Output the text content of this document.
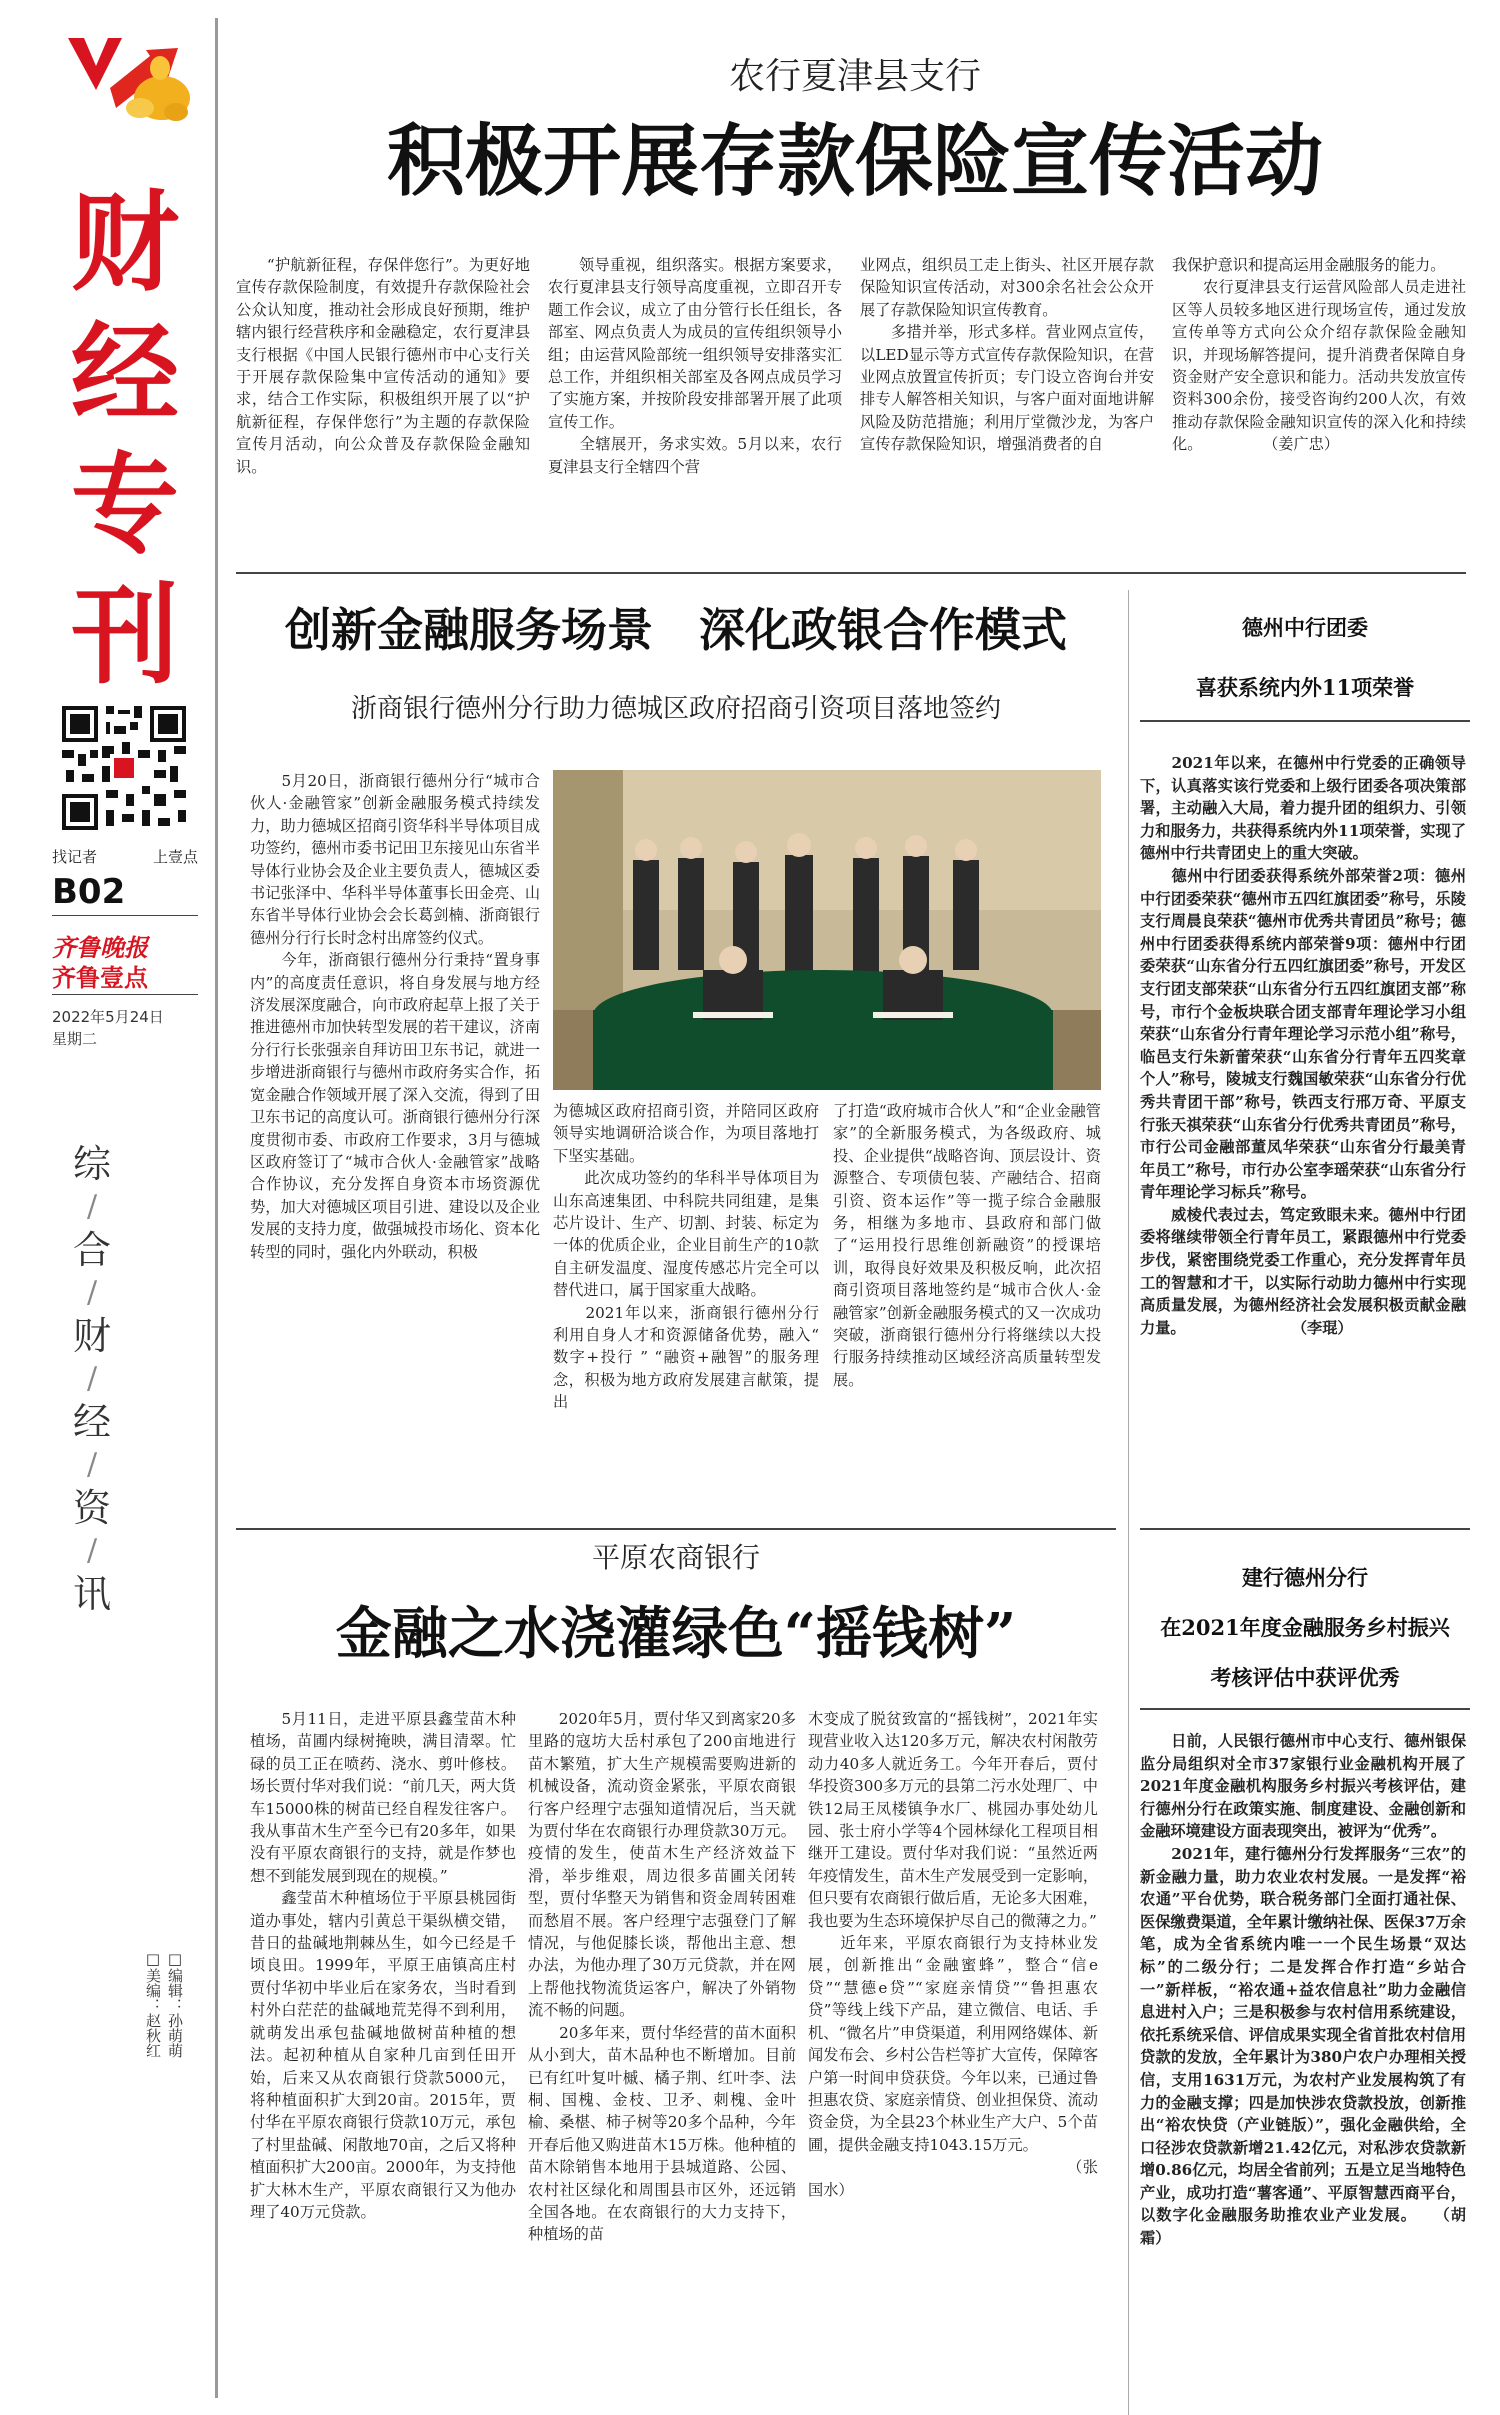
财经专刊
找记者	上壹点
B02
齐鲁晚报
齐鲁壹点
2022年5月24日
星期二
综
/
合
/
财
/
经
/
资
/
讯
□美编：赵秋红 □编辑：孙萌萌
农行夏津县支行
积极开展存款保险宣传活动
　　“护航新征程，存保伴您行”。为更好地宣传存款保险制度，有效提升存款保险社会公众认知度，推动社会形成良好预期，维护辖内银行经营秩序和金融稳定，农行夏津县支行根据《中国人民银行德州市中心支行关于开展存款保险集中宣传活动的通知》要求，结合工作实际，积极组织开展了以“护航新征程，存保伴您行”为主题的存款保险宣传月活动，向公众普及存款保险金融知识。
　　领导重视，组织落实。根据方案要求，农行夏津县支行领导高度重视，立即召开专题工作会议，成立了由分管行长任组长，各部室、网点负责人为成员的宣传组织领导小组；由运营风险部统一组织领导安排落实汇总工作，并组织相关部室及各网点成员学习了实施方案，并按阶段安排部署开展了此项宣传工作。
　　全辖展开，务求实效。5月以来，农行夏津县支行全辖四个营
业网点，组织员工走上街头、社区开展存款保险知识宣传活动，对300余名社会公众开展了存款保险知识宣传教育。
　　多措并举，形式多样。营业网点宣传，以LED显示等方式宣传存款保险知识，在营业网点放置宣传折页；专门设立咨询台并安排专人解答相关知识，与客户面对面地讲解风险及防范措施；利用厅堂微沙龙，为客户宣传存款保险知识，增强消费者的自
我保护意识和提高运用金融服务的能力。
　　农行夏津县支行运营风险部人员走进社区等人员较多地区进行现场宣传，通过发放宣传单等方式向公众介绍存款保险金融知识，并现场解答提问，提升消费者保障自身资金财产安全意识和能力。活动共发放宣传资料300余份，接受咨询约200人次，有效推动存款保险金融知识宣传的深入化和持续化。　　　　　（姜广忠）
创新金融服务场景　深化政银合作模式
浙商银行德州分行助力德城区政府招商引资项目落地签约
　　5月20日，浙商银行德州分行“城市合伙人·金融管家”创新金融服务模式持续发力，助力德城区招商引资华科半导体项目成功签约，德州市委书记田卫东接见山东省半导体行业协会及企业主要负责人，德城区委书记张泽中、华科半导体董事长田金亮、山东省半导体行业协会会长葛剑楠、浙商银行德州分行行长时念村出席签约仪式。
　　今年，浙商银行德州分行秉持“置身事内”的高度责任意识，将自身发展与地方经济发展深度融合，向市政府起草上报了关于推进德州市加快转型发展的若干建议，济南分行行长张强亲自拜访田卫东书记，就进一步增进浙商银行与德州市政府务实合作，拓宽金融合作领域开展了深入交流，得到了田卫东书记的高度认可。浙商银行德州分行深度贯彻市委、市政府工作要求，3月与德城区政府签订了“城市合伙人·金融管家”战略合作协议，充分发挥自身资本市场资源优势，加大对德城区项目引进、建设以及企业发展的支持力度，做强城投市场化、资本化转型的同时，强化内外联动，积极
为德城区政府招商引资，并陪同区政府领导实地调研洽谈合作，为项目落地打下坚实基础。
　　此次成功签约的华科半导体项目为山东高速集团、中科院共同组建，是集芯片设计、生产、切割、封装、标定为一体的优质企业，企业目前生产的10款自主研发温度、湿度传感芯片完全可以替代进口，属于国家重大战略。
　　2021年以来，浙商银行德州分行利用自身人才和资源储备优势，融入“ 数字+投行 ” “融资+融智”的服务理念，积极为地方政府发展建言献策，提出
了打造“政府城市合伙人”和“企业金融管家”的全新服务模式，为各级政府、城投、企业提供“战略咨询、顶层设计、资源整合、专项债包装、产融结合、招商引资、资本运作”等一揽子综合金融服务，相继为多地市、县政府和部门做了“运用投行思维创新融资”的授课培训，取得良好效果及积极反响，此次招商引资项目落地签约是“城市合伙人·金融管家”创新金融服务模式的又一次成功突破，浙商银行德州分行将继续以大投行服务持续推动区域经济高质量转型发展。
德州中行团委
喜获系统内外11项荣誉
　　2021年以来，在德州中行党委的正确领导下，认真落实该行党委和上级行团委各项决策部署，主动融入大局，着力提升团的组织力、引领力和服务力，共获得系统内外11项荣誉，实现了德州中行共青团史上的重大突破。
　　德州中行团委获得系统外部荣誉2项：德州中行团委荣获“德州市五四红旗团委”称号，乐陵支行周晨良荣获“德州市优秀共青团员”称号；德州中行团委获得系统内部荣誉9项：德州中行团委荣获“山东省分行五四红旗团委”称号，开发区支行团支部荣获“山东省分行五四红旗团支部”称号，市行个金板块联合团支部青年理论学习小组荣获“山东省分行青年理论学习示范小组”称号，临邑支行朱新蕾荣获“山东省分行青年五四奖章个人”称号，陵城支行魏国敏荣获“山东省分行优秀共青团干部”称号，铁西支行邢万奇、平原支行张天祺荣获“山东省分行优秀共青团员”称号，市行公司金融部董凤华荣获“山东省分行最美青年员工”称号，市行办公室李瑶荣获“山东省分行青年理论学习标兵”称号。
　　威棱代表过去，笃定致眼未来。德州中行团委将继续带领全行青年员工，紧跟德州中行党委步伐，紧密围绕党委工作重心，充分发挥青年员工的智慧和才干，以实际行动助力德州中行实现高质量发展，为德州经济社会发展积极贡献金融力量。　　　　　　　　（李琨）
平原农商银行
金融之水浇灌绿色“摇钱树”
　　5月11日，走进平原县鑫莹苗木种植场，苗圃内绿树掩映，满目清翠。忙碌的员工正在喷药、浇水、剪叶修枝。场长贾付华对我们说：“前几天，两大货车15000株的树苗已经自程发往客户。我从事苗木生产至今已有20多年，如果没有平原农商银行的支持，就是作梦也想不到能发展到现在的规模。”
　　鑫莹苗木种植场位于平原县桃园街道办事处，辖内引黄总干渠纵横交错，昔日的盐碱地荆棘丛生，如今已经是千顷良田。1999年，平原王庙镇高庄村贾付华初中毕业后在家务农，当时看到村外白茫茫的盐碱地荒芜得不到利用，就萌发出承包盐碱地做树苗种植的想法。起初种植从自家种几亩到任田开始，后来又从农商银行贷款5000元，将种植面积扩大到20亩。2015年，贾付华在平原农商银行贷款10万元，承包了村里盐碱、闲散地70亩，之后又将种植面积扩大200亩。2000年，为支持他扩大林木生产，平原农商银行又为他办理了40万元贷款。
　　2020年5月，贾付华又到离家20多里路的寇坊大岳村承包了200亩地进行苗木繁殖，扩大生产规模需要购进新的机械设备，流动资金紧张，平原农商银行客户经理宁志强知道情况后，当天就为贾付华在农商银行办理贷款30万元。疫情的发生，使苗木生产经济效益下滑，举步维艰，周边很多苗圃关闭转型，贾付华整天为销售和资金周转困难而愁眉不展。客户经理宁志强登门了解情况，与他促膝长谈，帮他出主意、想办法，为他办理了30万元贷款，并在网上帮他找物流货运客户，解决了外销物流不畅的问题。
　　20多年来，贾付华经营的苗木面积从小到大，苗木品种也不断增加。目前已有红叶复叶槭、橘子荆、红叶李、法桐、国槐、金枝、卫矛、刺槐、金叶榆、桑椹、柿子树等20多个品种，今年开春后他又购进苗木15万株。他种植的苗木除销售本地用于县城道路、公园、农村社区绿化和周围县市区外，还远销全国各地。在农商银行的大力支持下，种植场的苗
木变成了脱贫致富的“摇钱树”，2021年实现营业收入达120多万元，解决农村闲散劳动力40多人就近务工。今年开春后，贾付华投资300多万元的县第二污水处理厂、中铁12局王凤楼镇争水厂、桃园办事处幼儿园、张士府小学等4个园林绿化工程项目相继开工建设。贾付华对我们说：“虽然近两年疫情发生，苗木生产发展受到一定影响，但只要有农商银行做后盾，无论多大困难，我也要为生态环境保护尽自己的微薄之力。”
　　近年来，平原农商银行为支持林业发展，创新推出“金融蜜蜂”，整合“信e贷”“慧德e贷”“家庭亲情贷”“鲁担惠农贷”等线上线下产品，建立微信、电话、手机、“微名片”申贷渠道，利用网络媒体、新闻发布会、乡村公告栏等扩大宣传，保障客户第一时间申贷获贷。今年以来，已通过鲁担惠农贷、家庭亲情贷、创业担保贷、流动资金贷，为全县23个林业生产大户、5个苗圃，提供金融支持1043.15万元。
　　　　　　　　　　　　　　　　　（张国水）
建行德州分行
在2021年度金融服务乡村振兴
考核评估中获评优秀
　　日前，人民银行德州市中心支行、德州银保监分局组织对全市37家银行业金融机构开展了2021年度金融机构服务乡村振兴考核评估，建行德州分行在政策实施、制度建设、金融创新和金融环境建设方面表现突出，被评为“优秀”。
　　2021年，建行德州分行发挥服务“三农”的新金融力量，助力农业农村发展。一是发挥“裕农通”平台优势，联合税务部门全面打通社保、医保缴费渠道，全年累计缴纳社保、医保37万余笔，成为全省系统内唯一一个民生场景“双达标”的二级分行；二是发挥合作打造“乡站合一”新样板，“裕农通+益农信息社”助力金融信息进村入户；三是积极参与农村信用系统建设，依托系统采信、评信成果实现全省首批农村信用贷款的发放，全年累计为380户农户办理相关授信，支用1631万元，为农村产业发展构筑了有力的金融支撑；四是加快涉农贷款投放，创新推出“裕农快贷（产业链版）”，强化金融供给，全口径涉农贷款新增21.42亿元，对私涉农贷款新增0.86亿元，均居全省前列；五是立足当地特色产业，成功打造“薯客通”、平原智慧西商平台，以数字化金融服务助推农业产业发展。　　（胡霜）
